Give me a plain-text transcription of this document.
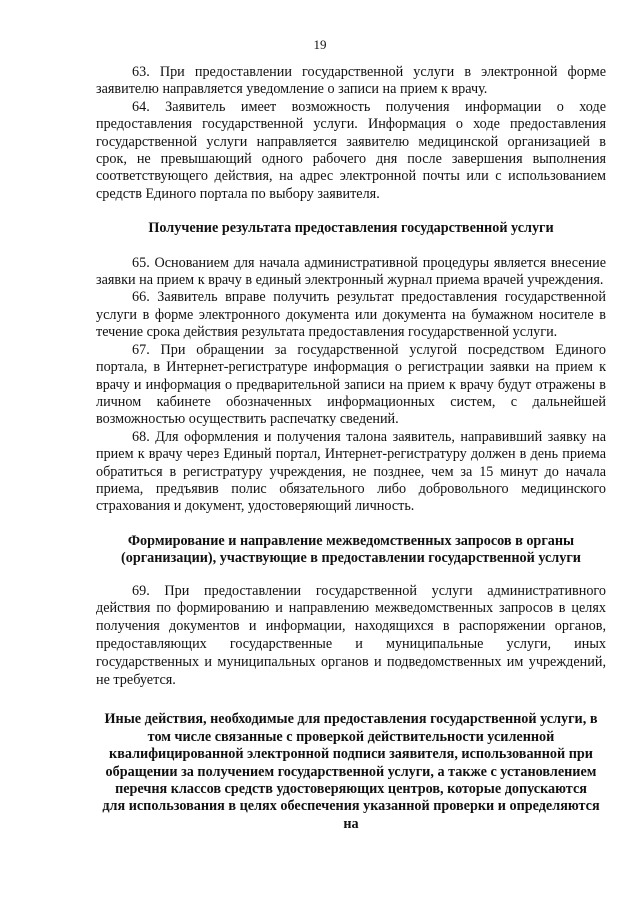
19

63. При предоставлении государственной услуги в электронной форме заявителю направляется уведомление о записи на прием к врачу.

64. Заявитель имеет возможность получения информации о ходе предоставления государственной услуги. Информация о ходе предоставления государственной услуги направляется заявителю медицинской организацией в срок, не превышающий одного рабочего дня после завершения выполнения соответствующего действия, на адрес электронной почты или с использованием средств Единого портала по выбору заявителя.

Получение результата предоставления государственной услуги

65. Основанием для начала административной процедуры является внесение заявки на прием к врачу в единый электронный журнал приема врачей учреждения.

66. Заявитель вправе получить результат предоставления государственной услуги в форме электронного документа или документа на бумажном носителе в течение срока действия результата предоставления государственной услуги.

67. При обращении за государственной услугой посредством Единого портала, в Интернет-регистратуре информация о регистрации заявки на прием к врачу и информация о предварительной записи на прием к врачу будут отражены в личном кабинете обозначенных информационных систем, с дальнейшей возможностью осуществить распечатку сведений.

68. Для оформления и получения талона заявитель, направивший заявку на прием к врачу через Единый портал, Интернет-регистратуру должен в день приема обратиться в регистратуру учреждения, не позднее, чем за 15 минут до начала приема, предъявив полис обязательного либо добровольного медицинского страхования и документ, удостоверяющий личность.

Формирование и направление межведомственных запросов в органы (организации), участвующие в предоставлении государственной услуги

69. При предоставлении государственной услуги административного действия по формированию и направлению межведомственных запросов в целях получения документов и информации, находящихся в распоряжении органов, предоставляющих государственные и муниципальные услуги, иных государственных и муниципальных органов и подведомственных им учреждений, не требуется.

Иные действия, необходимые для предоставления государственной услуги, в том числе связанные с проверкой действительности усиленной квалифицированной электронной подписи заявителя, использованной при обращении за получением государственной услуги, а также с установлением перечня классов средств удостоверяющих центров, которые допускаются для использования в целях обеспечения указанной проверки и определяются на
